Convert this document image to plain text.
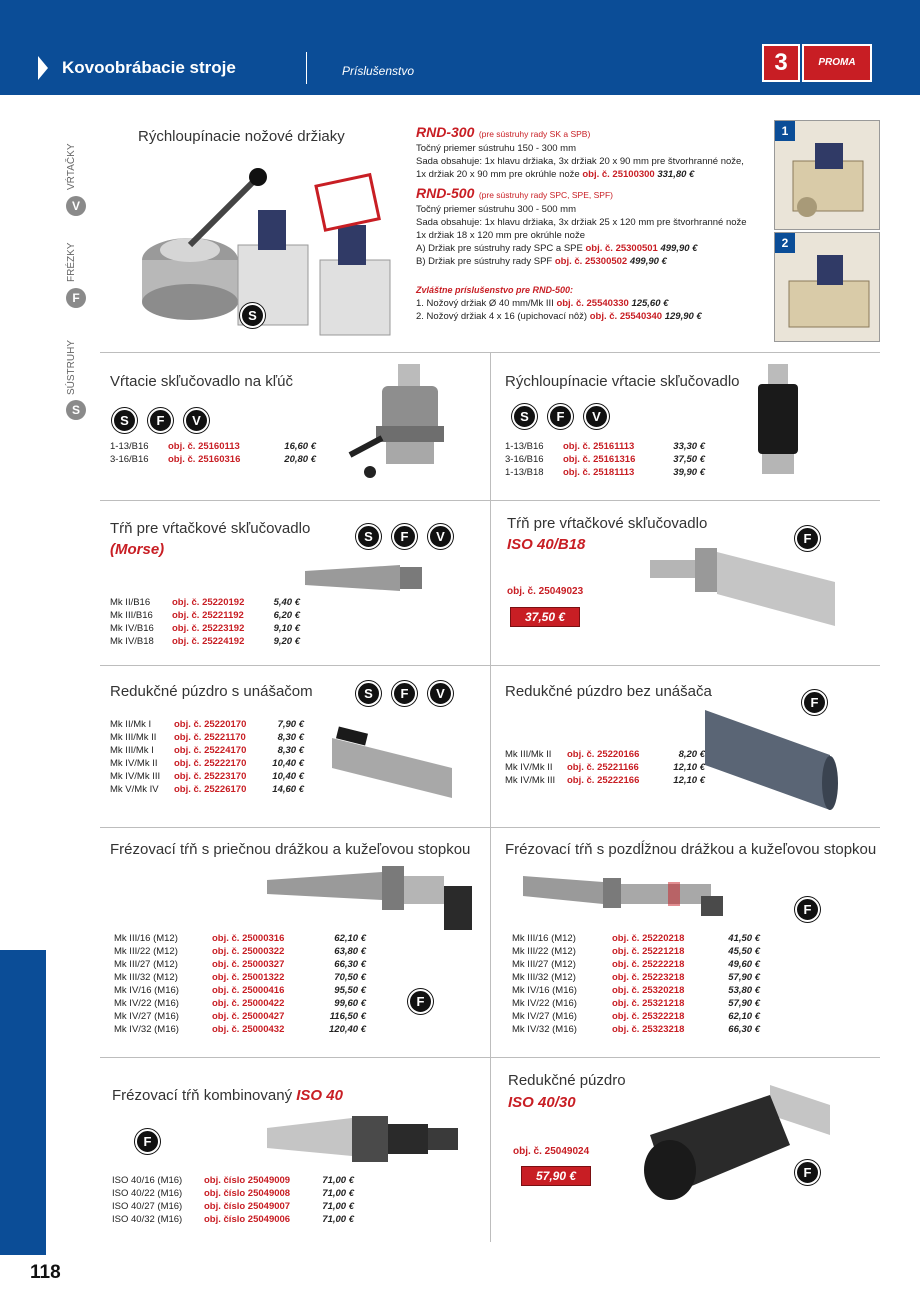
Kovoobrábacie stroje	Príslušenstvo	3	PROMA
V
VŔTAČKY
F
FRÉZKY
S
SÚSTRUHY
118
Rýchloupínacie nožové držiaky
S
RND-300 (pre sústruhy rady SK a SPB)
Točný priemer sústruhu 150 - 300 mm
Sada obsahuje: 1x hlavu držiaka, 3x držiak 20 x 90 mm pre štvorhranné nože,
1x držiak 20 x 90 mm pre okrúhle nože obj. č. 25100300 331,80 €
RND-500 (pre sústruhy rady SPC, SPE, SPF)
Točný priemer sústruhu 300 - 500 mm
Sada obsahuje: 1x hlavu držiaka, 3x držiak 25 x 120 mm pre štvorhranné nože
1x držiak 18 x 120 mm pre okrúhle nože
A) Držiak pre sústruhy rady SPC a SPE obj. č. 25300501 499,90 €
B) Držiak pre sústruhy rady SPF obj. č. 25300502 499,90 €
Zvláštne príslušenstvo pre RND-500:
1. Nožový držiak Ø 40 mm/Mk III obj. č. 25540330 125,60 €
2. Nožový držiak 4 x 16 (upichovací nôž) obj. č. 25540340 129,90 €
1
2
Vŕtacie skľučovadlo na kľúč
S	F	V
1-13/B16	obj. č. 25160113	16,60 €
3-16/B16	obj. č. 25160316	20,80 €
Rýchloupínacie vŕtacie skľučovadlo
S	F	V
1-13/B16	obj. č. 25161113	33,30 €
3-16/B16	obj. č. 25161316	37,50 €
1-13/B18	obj. č. 25181113	39,90 €
Tŕň pre vŕtačkové skľučovadlo
(Morse)
S	F	V
Mk II/B16	obj. č. 25220192	5,40 €
Mk III/B16	obj. č. 25221192	6,20 €
Mk IV/B16	obj. č. 25223192	9,10 €
Mk IV/B18	obj. č. 25224192	9,20 €
Tŕň pre vŕtačkové skľučovadlo
ISO 40/B18	F
obj. č. 25049023
37,50 €
Redukčné púzdro s unášačom	S	F	V
Mk II/Mk I	obj. č. 25220170	7,90 €
Mk III/Mk II	obj. č. 25221170	8,30 €
Mk III/Mk I	obj. č. 25224170	8,30 €
Mk IV/Mk II	obj. č. 25222170	10,40 €
Mk IV/Mk III	obj. č. 25223170	10,40 €
Mk V/Mk IV	obj. č. 25226170	14,60 €
Redukčné púzdro bez unášača
F
Mk III/Mk II	obj. č. 25220166	8,20 €
Mk IV/Mk II	obj. č. 25221166	12,10 €
Mk IV/Mk III	obj. č. 25222166	12,10 €
Frézovací tŕň s priečnou drážkou a kužeľovou stopkou
Mk III/16 (M12)	obj. č. 25000316	62,10 €
Mk III/22 (M12)	obj. č. 25000322	63,80 €
Mk III/27 (M12)	obj. č. 25000327	66,30 €
Mk III/32 (M12)	obj. č. 25001322	70,50 €
Mk IV/16 (M16)	obj. č. 25000416	95,50 €
Mk IV/22 (M16)	obj. č. 25000422	99,60 €
Mk IV/27 (M16)	obj. č. 25000427	116,50 €
Mk IV/32 (M16)	obj. č. 25000432	120,40 €
F
Frézovací tŕň s pozdĺžnou drážkou a kužeľovou stopkou
F
Mk III/16 (M12)	obj. č. 25220218	41,50 €
Mk III/22 (M12)	obj. č. 25221218	45,50 €
Mk III/27 (M12)	obj. č. 25222218	49,60 €
Mk III/32 (M12)	obj. č. 25223218	57,90 €
Mk IV/16 (M16)	obj. č. 25320218	53,80 €
Mk IV/22 (M16)	obj. č. 25321218	57,90 €
Mk IV/27 (M16)	obj. č. 25322218	62,10 €
Mk IV/32 (M16)	obj. č. 25323218	66,30 €
Frézovací tŕň kombinovaný ISO 40
F
ISO 40/16 (M16)	obj. číslo 25049009	71,00 €
ISO 40/22 (M16)	obj. číslo 25049008	71,00 €
ISO 40/27 (M16)	obj. číslo 25049007	71,00 €
ISO 40/32 (M16)	obj. číslo 25049006	71,00 €
Redukčné púzdro
ISO 40/30
obj. č. 25049024
57,90 €	F
